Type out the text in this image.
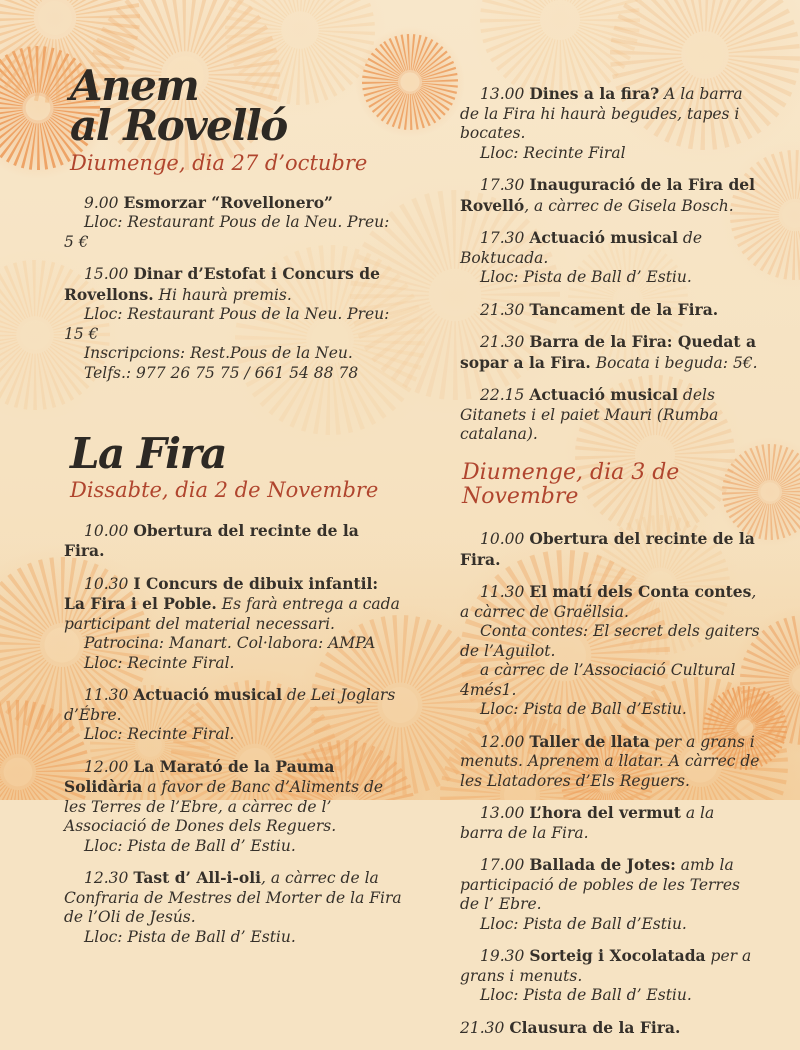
Anem
al Rovelló
Diumenge, dia 27 d’octubre

9.00 Esmorzar “Rovellonero”
Lloc: Restaurant Pous de la Neu. Preu: 5 €

15.00 Dinar d’Estofat i Concurs de Rovellons. Hi haurà premis.
Lloc: Restaurant Pous de la Neu. Preu: 15 €
Inscripcions: Rest.Pous de la Neu.
Telfs.: 977 26 75 75 / 661 54 88 78

La Fira
Dissabte, dia 2 de Novembre

10.00 Obertura del recinte de la Fira.

10.30 I Concurs de dibuix infantil: La Fira i el Poble. Es farà entrega a cada participant del material necessari.
Patrocina: Manart. Col·labora: AMPA
Lloc: Recinte Firal.

11.30 Actuació musical de Lei Joglars d’Ébre.
Lloc: Recinte Firal.

12.00 La Marató de la Pauma Solidària a favor de Banc d’Aliments de les Terres de l’Ebre, a càrrec de l’ Associació de Dones dels Reguers.
Lloc: Pista de Ball d’ Estiu.

12.30 Tast d’ All-i-oli, a càrrec de la Confraria de Mestres del Morter de la Fira de l’Oli de Jesús.
Lloc: Pista de Ball d’ Estiu.

13.00 Dines a la fira? A la barra de la Fira hi haurà begudes, tapes i bocates.
Lloc: Recinte Firal

17.30 Inauguració de la Fira del Rovelló, a càrrec de Gisela Bosch.

17.30 Actuació musical de Boktucada.
Lloc: Pista de Ball d’ Estiu.

21.30 Tancament de la Fira.

21.30 Barra de la Fira: Quedat a sopar a la Fira. Bocata i beguda: 5€.

22.15 Actuació musical dels Gitanets i el paiet Mauri (Rumba catalana).

Diumenge, dia 3 de Novembre

10.00 Obertura del recinte de la Fira.

11.30 El matí dels Conta contes, a càrrec de Graëllsia.
Conta contes: El secret dels gaiters de l’Aguilot.
a càrrec de l’Associació Cultural 4més1.
Lloc: Pista de Ball d’Estiu.

12.00 Taller de llata per a grans i menuts. Aprenem a llatar. A càrrec de les Llatadores d’Els Reguers.

13.00 L’hora del vermut a la barra de la Fira.

17.00 Ballada de Jotes: amb la participació de pobles de les Terres de l’ Ebre.
Lloc: Pista de Ball d’Estiu.

19.30 Sorteig i Xocolatada per a grans i menuts.
Lloc: Pista de Ball d’ Estiu.

21.30 Clausura de la Fira.
